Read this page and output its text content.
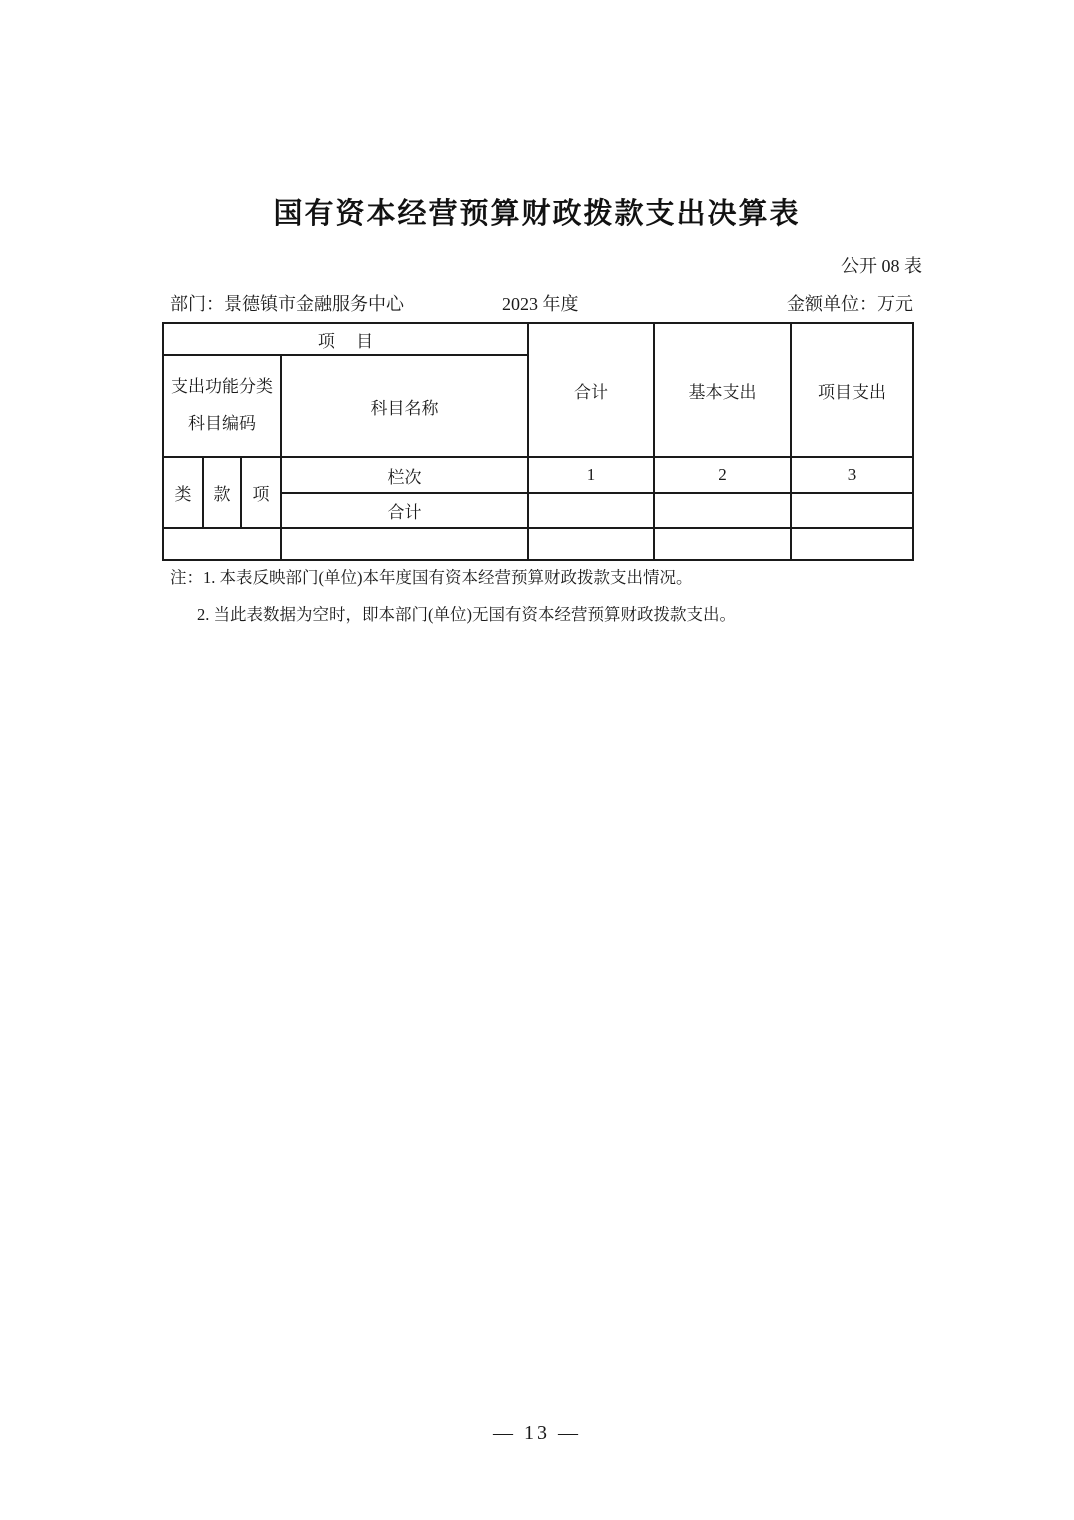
国有资本经营预算财政拨款支出决算表
公开 08 表
部门：景德镇市金融服务中心	2023 年度	金额单位：万元
项　 目				合计	基本支出	项目支出

支出功能分类
科目编码			科目名称			
类	款	项	栏次	1	2	3
			合计			

注：1. 本表反映部门(单位)本年度国有资本经营预算财政拨款支出情况。
2. 当此表数据为空时，即本部门(单位)无国有资本经营预算财政拨款支出。
— 13 —
